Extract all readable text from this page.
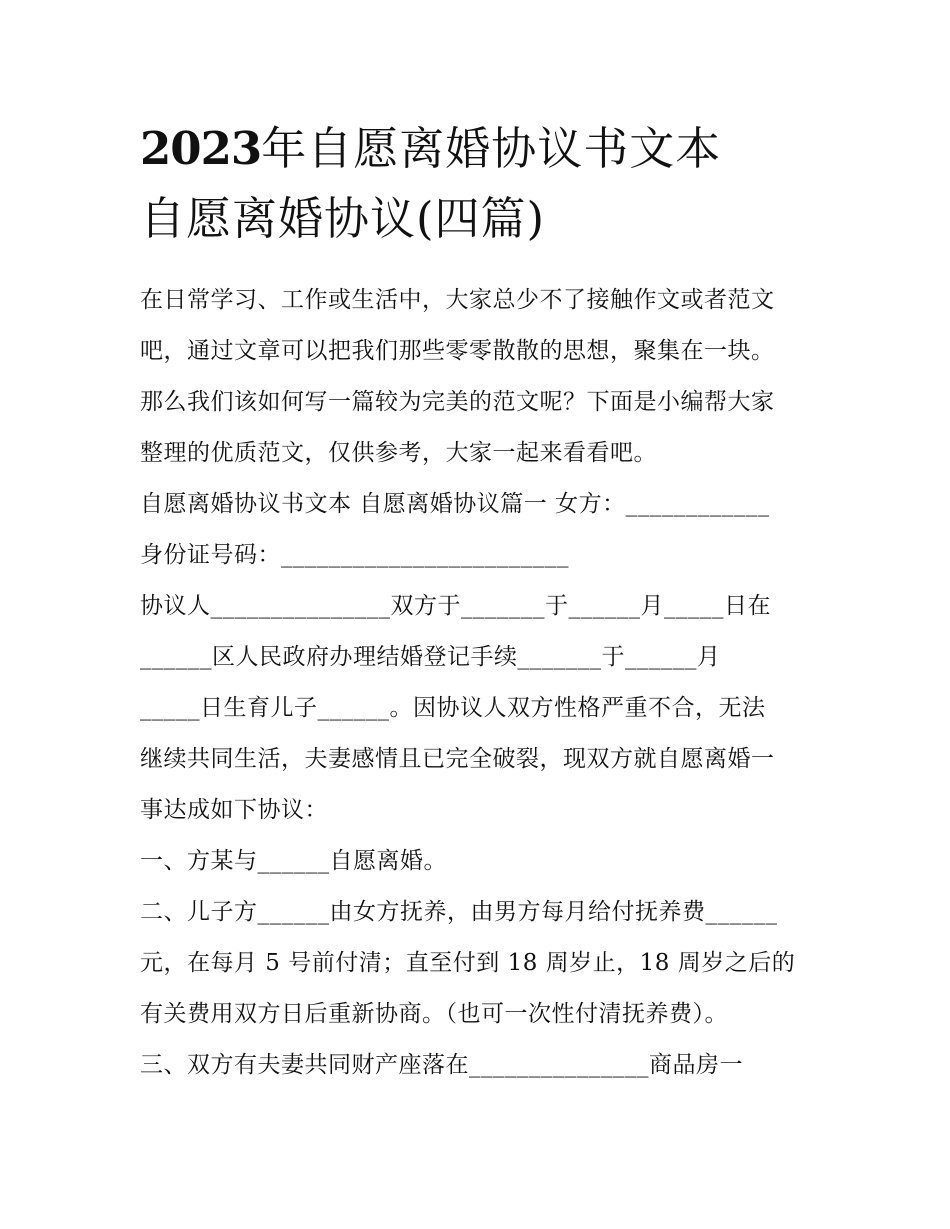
2023年自愿离婚协议书文本
自愿离婚协议(四篇)
在日常学习、工作或生活中，大家总少不了接触作文或者范文
吧，通过文章可以把我们那些零零散散的思想，聚集在一块。
那么我们该如何写一篇较为完美的范文呢？下面是小编帮大家
整理的优质范文，仅供参考，大家一起来看看吧。
自愿离婚协议书文本 自愿离婚协议篇一 女方：____________
身份证号码：________________________
协议人_______________双方于_______于______月_____日在
______区人民政府办理结婚登记手续_______于______月
_____日生育儿子______。因协议人双方性格严重不合，无法
继续共同生活，夫妻感情且已完全破裂，现双方就自愿离婚一
事达成如下协议：
一、方某与______自愿离婚。
二、儿子方______由女方抚养，由男方每月给付抚养费______
元，在每月 5 号前付清；直至付到 18 周岁止，18 周岁之后的
有关费用双方日后重新协商。（也可一次性付清抚养费）。
三、双方有夫妻共同财产座落在_______________商品房一
